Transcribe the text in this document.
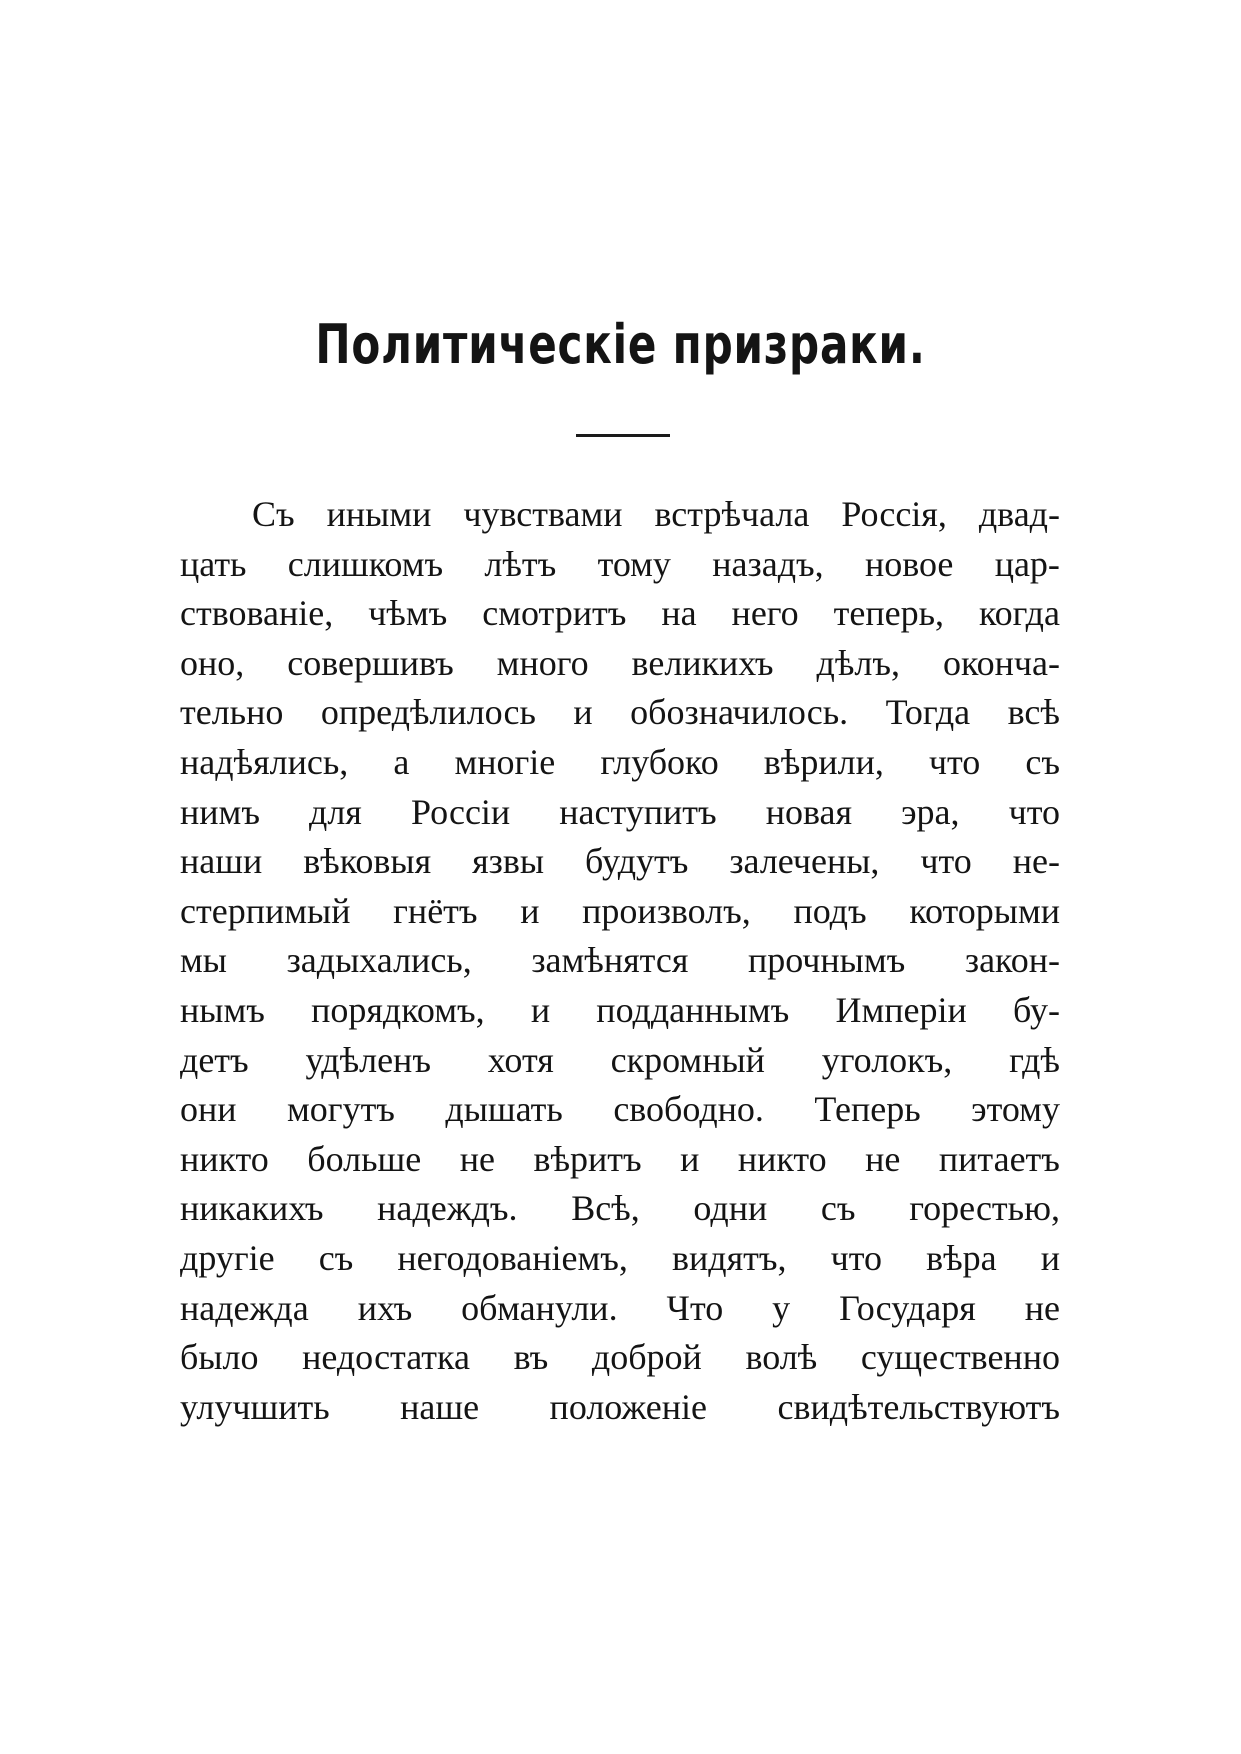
Политическіе призраки.
Съ иными чувствами встрѣчала Россія, двад-
цать слишкомъ лѣтъ тому назадъ, новое цар-
ствованіе, чѣмъ смотритъ на него теперь, когда
оно, совершивъ много великихъ дѣлъ, оконча-
тельно опредѣлилось и обозначилось. Тогда всѣ
надѣялись, а многіе глубоко вѣрили, что съ
нимъ для Россіи наступитъ новая эра, что
наши вѣковыя язвы будутъ залечены, что не-
стерпимый гнётъ и произволъ, подъ которыми
мы задыхались, замѣнятся прочнымъ закон-
нымъ порядкомъ, и подданнымъ Имперіи бу-
детъ удѣленъ хотя скромный уголокъ, гдѣ
они могутъ дышать свободно. Теперь этому
никто больше не вѣритъ и никто не питаетъ
никакихъ надеждъ. Всѣ, одни съ горестью,
другіе съ негодованіемъ, видятъ, что вѣра и
надежда ихъ обманули. Что у Государя не
было недостатка въ доброй волѣ существенно
улучшить наше положеніе свидѣтельствуютъ
